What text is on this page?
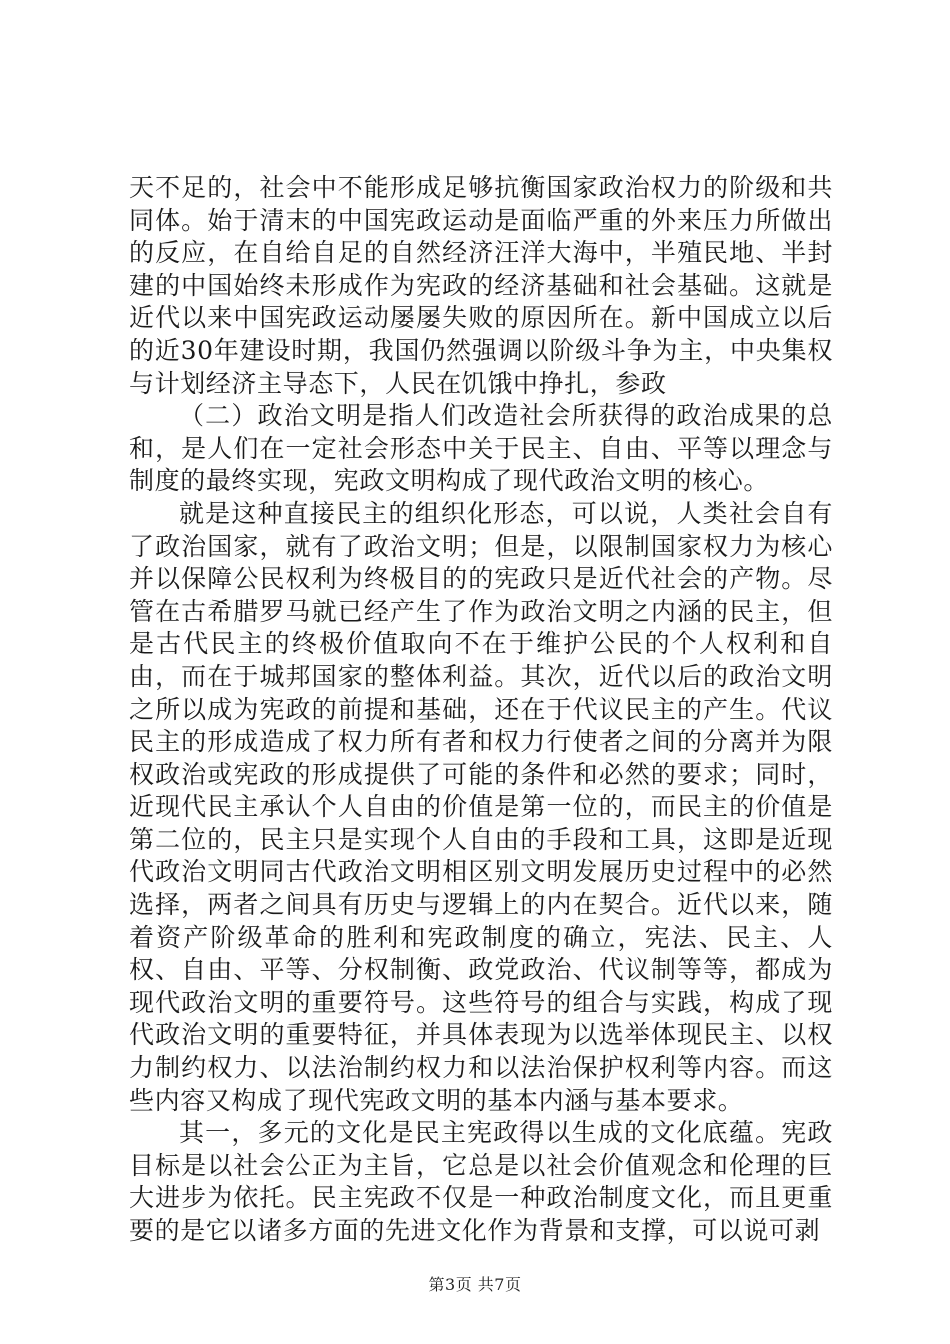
天不足的，社会中不能形成足够抗衡国家政治权力的阶级和共同体。始于清末的中国宪政运动是面临严重的外来压力所做出的反应，在自给自足的自然经济汪洋大海中，半殖民地、半封建的中国始终未形成作为宪政的经济基础和社会基础。这就是近代以来中国宪政运动屡屡失败的原因所在。新中国成立以后的近30年建设时期，我国仍然强调以阶级斗争为主，中央集权与计划经济主导态下，人民在饥饿中挣扎，参政

（二）政治文明是指人们改造社会所获得的政治成果的总和，是人们在一定社会形态中关于民主、自由、平等以理念与制度的最终实现，宪政文明构成了现代政治文明的核心。

就是这种直接民主的组织化形态，可以说，人类社会自有了政治国家，就有了政治文明；但是，以限制国家权力为核心并以保障公民权利为终极目的的宪政只是近代社会的产物。尽管在古希腊罗马就已经产生了作为政治文明之内涵的民主，但是古代民主的终极价值取向不在于维护公民的个人权利和自由，而在于城邦国家的整体利益。其次，近代以后的政治文明之所以成为宪政的前提和基础，还在于代议民主的产生。代议民主的形成造成了权力所有者和权力行使者之间的分离并为限权政治或宪政的形成提供了可能的条件和必然的要求；同时，近现代民主承认个人自由的价值是第一位的，而民主的价值是第二位的，民主只是实现个人自由的手段和工具，这即是近现代政治文明同古代政治文明相区别文明发展历史过程中的必然选择，两者之间具有历史与逻辑上的内在契合。近代以来，随着资产阶级革命的胜利和宪政制度的确立，宪法、民主、人权、自由、平等、分权制衡、政党政治、代议制等等，都成为现代政治文明的重要符号。这些符号的组合与实践，构成了现代政治文明的重要特征，并具体表现为以选举体现民主、以权力制约权力、以法治制约权力和以法治保护权利等内容。而这些内容又构成了现代宪政文明的基本内涵与基本要求。

其一，多元的文化是民主宪政得以生成的文化底蕴。宪政目标是以社会公正为主旨，它总是以社会价值观念和伦理的巨大进步为依托。民主宪政不仅是一种政治制度文化，而且更重要的是它以诸多方面的先进文化作为背景和支撑，可以说可剥

第3页 共7页
